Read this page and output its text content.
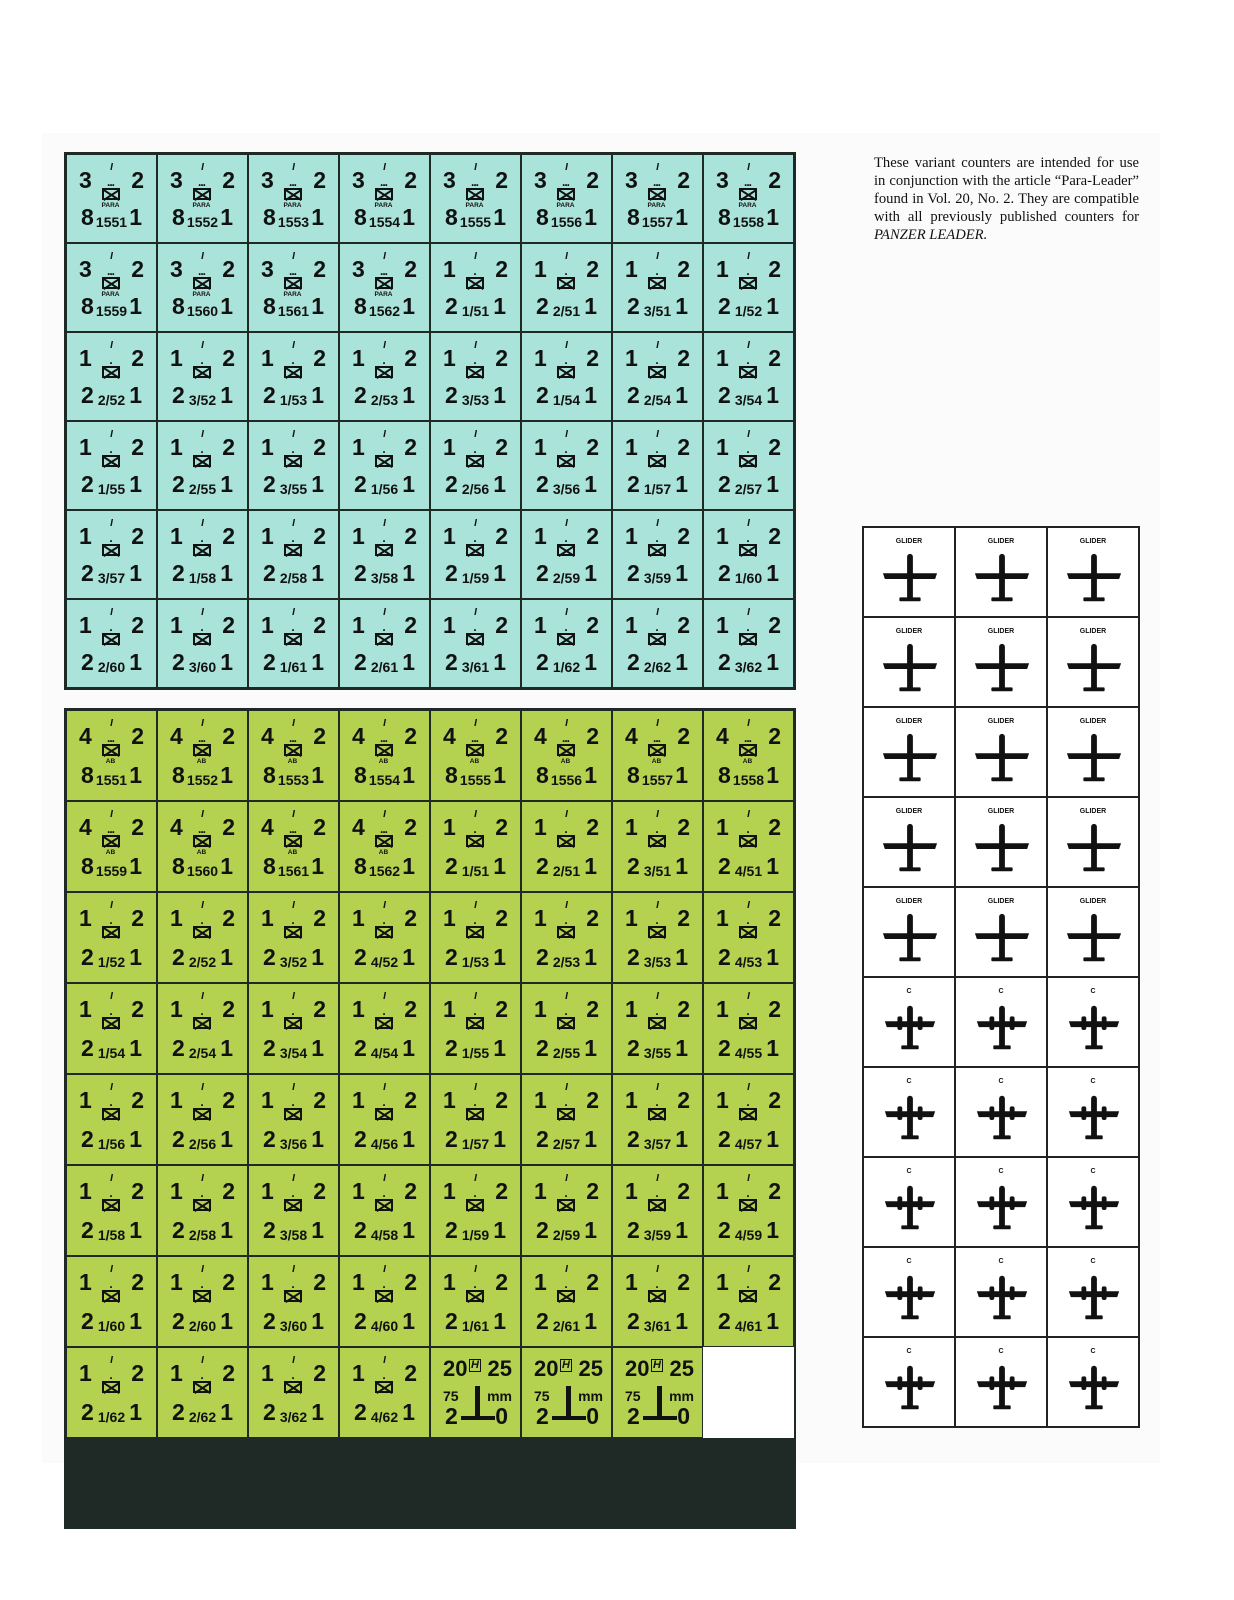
3	I 2
...
PARA
8 1551 1
3	I 2
...
PARA
8 1552 1
3	I 2
...
PARA
8 1553 1
3	I 2
...
PARA
8 1554 1
3	I 2
...
PARA
8 1555 1
3	I 2
...
PARA
8 1556 1
3	I 2
...
PARA
8 1557 1
3	I 2
...
PARA
8 1558 1
3	I 2
...
PARA
8 1559 1
3	I 2
...
PARA
8 1560 1
3	I 2
...
PARA
8 1561 1
3	I 2
...
PARA
8 1562 1
1	I 2
.
2 1/51 1
1	I 2
.
2 2/51 1
1	I 2
.
2 3/51 1
1	I 2
.
2 1/52 1
1	I 2
.
2 2/52 1
1	I 2
.
2 3/52 1
1	I 2
.
2 1/53 1
1	I 2
.
2 2/53 1
1	I 2
.
2 3/53 1
1	I 2
.
2 1/54 1
1	I 2
.
2 2/54 1
1	I 2
.
2 3/54 1
1	I 2
.
2 1/55 1
1	I 2
.
2 2/55 1
1	I 2
.
2 3/55 1
1	I 2
.
2 1/56 1
1	I 2
.
2 2/56 1
1	I 2
.
2 3/56 1
1	I 2
.
2 1/57 1
1	I 2
.
2 2/57 1
1	I 2
.
2 3/57 1
1	I 2
.
2 1/58 1
1	I 2
.
2 2/58 1
1	I 2
.
2 3/58 1
1	I 2
.
2 1/59 1
1	I 2
.
2 2/59 1
1	I 2
.
2 3/59 1
1	I 2
.
2 1/60 1
1	I 2
.
2 2/60 1
1	I 2
.
2 3/60 1
1	I 2
.
2 1/61 1
1	I 2
.
2 2/61 1
1	I 2
.
2 3/61 1
1	I 2
.
2 1/62 1
1	I 2
.
2 2/62 1
1	I 2
.
2 3/62 1
4	I 2
...
AB
8 1551 1
4	I 2
...
AB
8 1552 1
4	I 2
...
AB
8 1553 1
4	I 2
...
AB
8 1554 1
4	I 2
...
AB
8 1555 1
4	I 2
...
AB
8 1556 1
4	I 2
...
AB
8 1557 1
4	I 2
...
AB
8 1558 1
4	I 2
...
AB
8 1559 1
4	I 2
...
AB
8 1560 1
4	I 2
...
AB
8 1561 1
4	I 2
...
AB
8 1562 1
1	I 2
.
2 1/51 1
1	I 2
.
2 2/51 1
1	I 2
.
2 3/51 1
1	I 2
.
2 4/51 1
1	I 2
.
2 1/52 1
1	I 2
.
2 2/52 1
1	I 2
.
2 3/52 1
1	I 2
.
2 4/52 1
1	I 2
.
2 1/53 1
1	I 2
.
2 2/53 1
1	I 2
.
2 3/53 1
1	I 2
.
2 4/53 1
1	I 2
.
2 1/54 1
1	I 2
.
2 2/54 1
1	I 2
.
2 3/54 1
1	I 2
.
2 4/54 1
1	I 2
.
2 1/55 1
1	I 2
.
2 2/55 1
1	I 2
.
2 3/55 1
1	I 2
.
2 4/55 1
1	I 2
.
2 1/56 1
1	I 2
.
2 2/56 1
1	I 2
.
2 3/56 1
1	I 2
.
2 4/56 1
1	I 2
.
2 1/57 1
1	I 2
.
2 2/57 1
1	I 2
.
2 3/57 1
1	I 2
.
2 4/57 1
1	I 2
.
2 1/58 1
1	I 2
.
2 2/58 1
1	I 2
.
2 3/58 1
1	I 2
.
2 4/58 1
1	I 2
.
2 1/59 1
1	I 2
.
2 2/59 1
1	I 2
.
2 3/59 1
1	I 2
.
2 4/59 1
1	I 2
.
2 1/60 1
1	I 2
.
2 2/60 1
1	I 2
.
2 3/60 1
1	I 2
.
2 4/60 1
1	I 2
.
2 1/61 1
1	I 2
.
2 2/61 1
1	I 2
.
2 3/61 1
1	I 2
.
2 4/61 1
1	I 2
.
2 1/62 1
1	I 2
.
2 2/62 1
1	I 2
.
2 3/62 1
1	I 2
.
2 4/62 1
20 H 25
75 mm
2 0
20 H 25
75 mm
2 0
20 H 25
75 mm
2 0
These variant counters are intended for use in conjunction with the article “Para-Leader” found in Vol. 20, No. 2. They are compatible with all previously published counters for PANZER LEADER.
GLIDER	GLIDER	GLIDER
GLIDER	GLIDER	GLIDER
GLIDER	GLIDER	GLIDER
GLIDER	GLIDER	GLIDER
GLIDER	GLIDER	GLIDER
C	C	C
C	C	C
C	C	C
C	C	C
C	C	C
